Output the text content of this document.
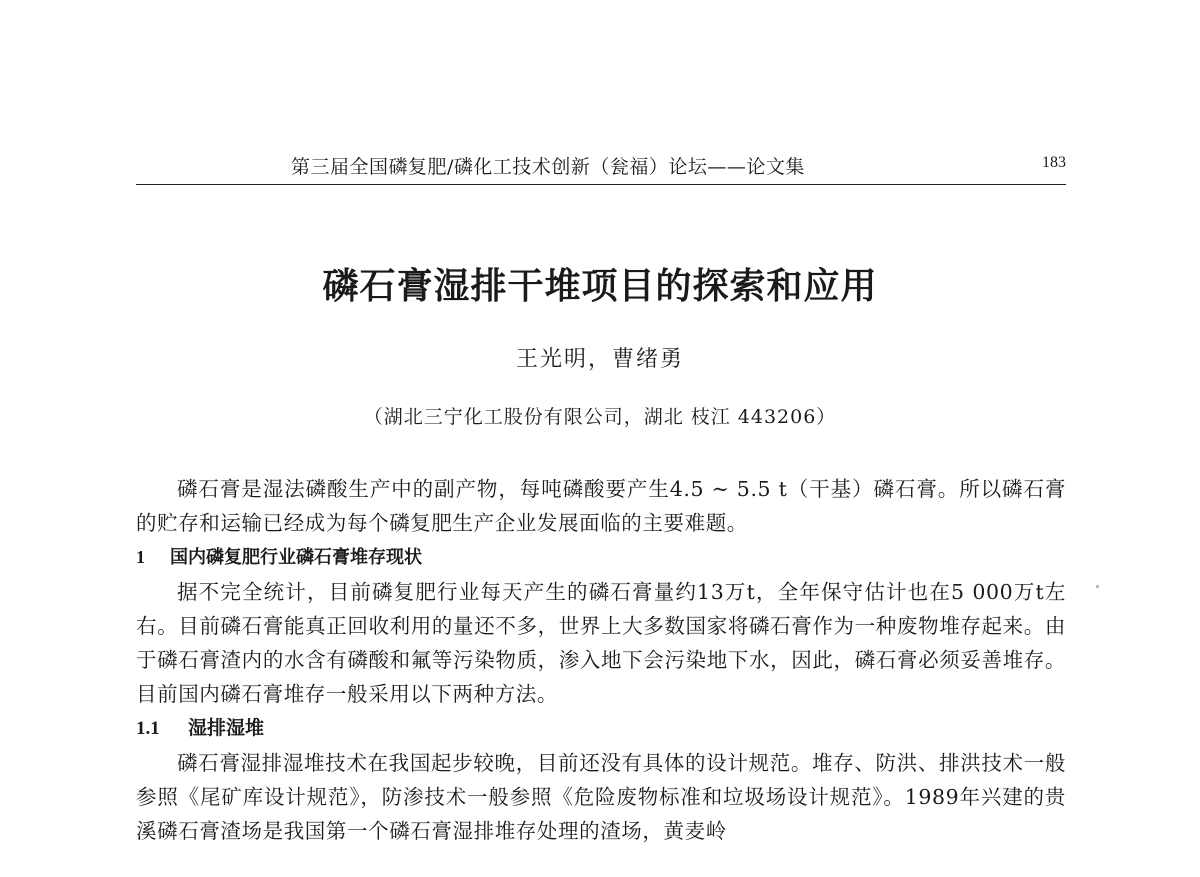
第三届全国磷复肥/磷化工技术创新（瓮福）论坛——论文集	183
磷石膏湿排干堆项目的探索和应用
王光明，曹绪勇
（湖北三宁化工股份有限公司，湖北 枝江 443206）

磷石膏是湿法磷酸生产中的副产物，每吨磷酸要产生4.5 ~ 5.5 t（干基）磷石膏。所以磷石膏的贮存和运输已经成为每个磷复肥生产企业发展面临的主要难题。

1 国内磷复肥行业磷石膏堆存现状

据不完全统计，目前磷复肥行业每天产生的磷石膏量约13万t，全年保守估计也在5 000万t左右。目前磷石膏能真正回收利用的量还不多，世界上大多数国家将磷石膏作为一种废物堆存起来。由于磷石膏渣内的水含有磷酸和氟等污染物质，渗入地下会污染地下水，因此，磷石膏必须妥善堆存。目前国内磷石膏堆存一般采用以下两种方法。

1.1 湿排湿堆

磷石膏湿排湿堆技术在我国起步较晚，目前还没有具体的设计规范。堆存、防洪、排洪技术一般参照《尾矿库设计规范》，防渗技术一般参照《危险废物标准和垃圾场设计规范》。1989年兴建的贵溪磷石膏渣场是我国第一个磷石膏湿排堆存处理的渣场，黄麦岭
